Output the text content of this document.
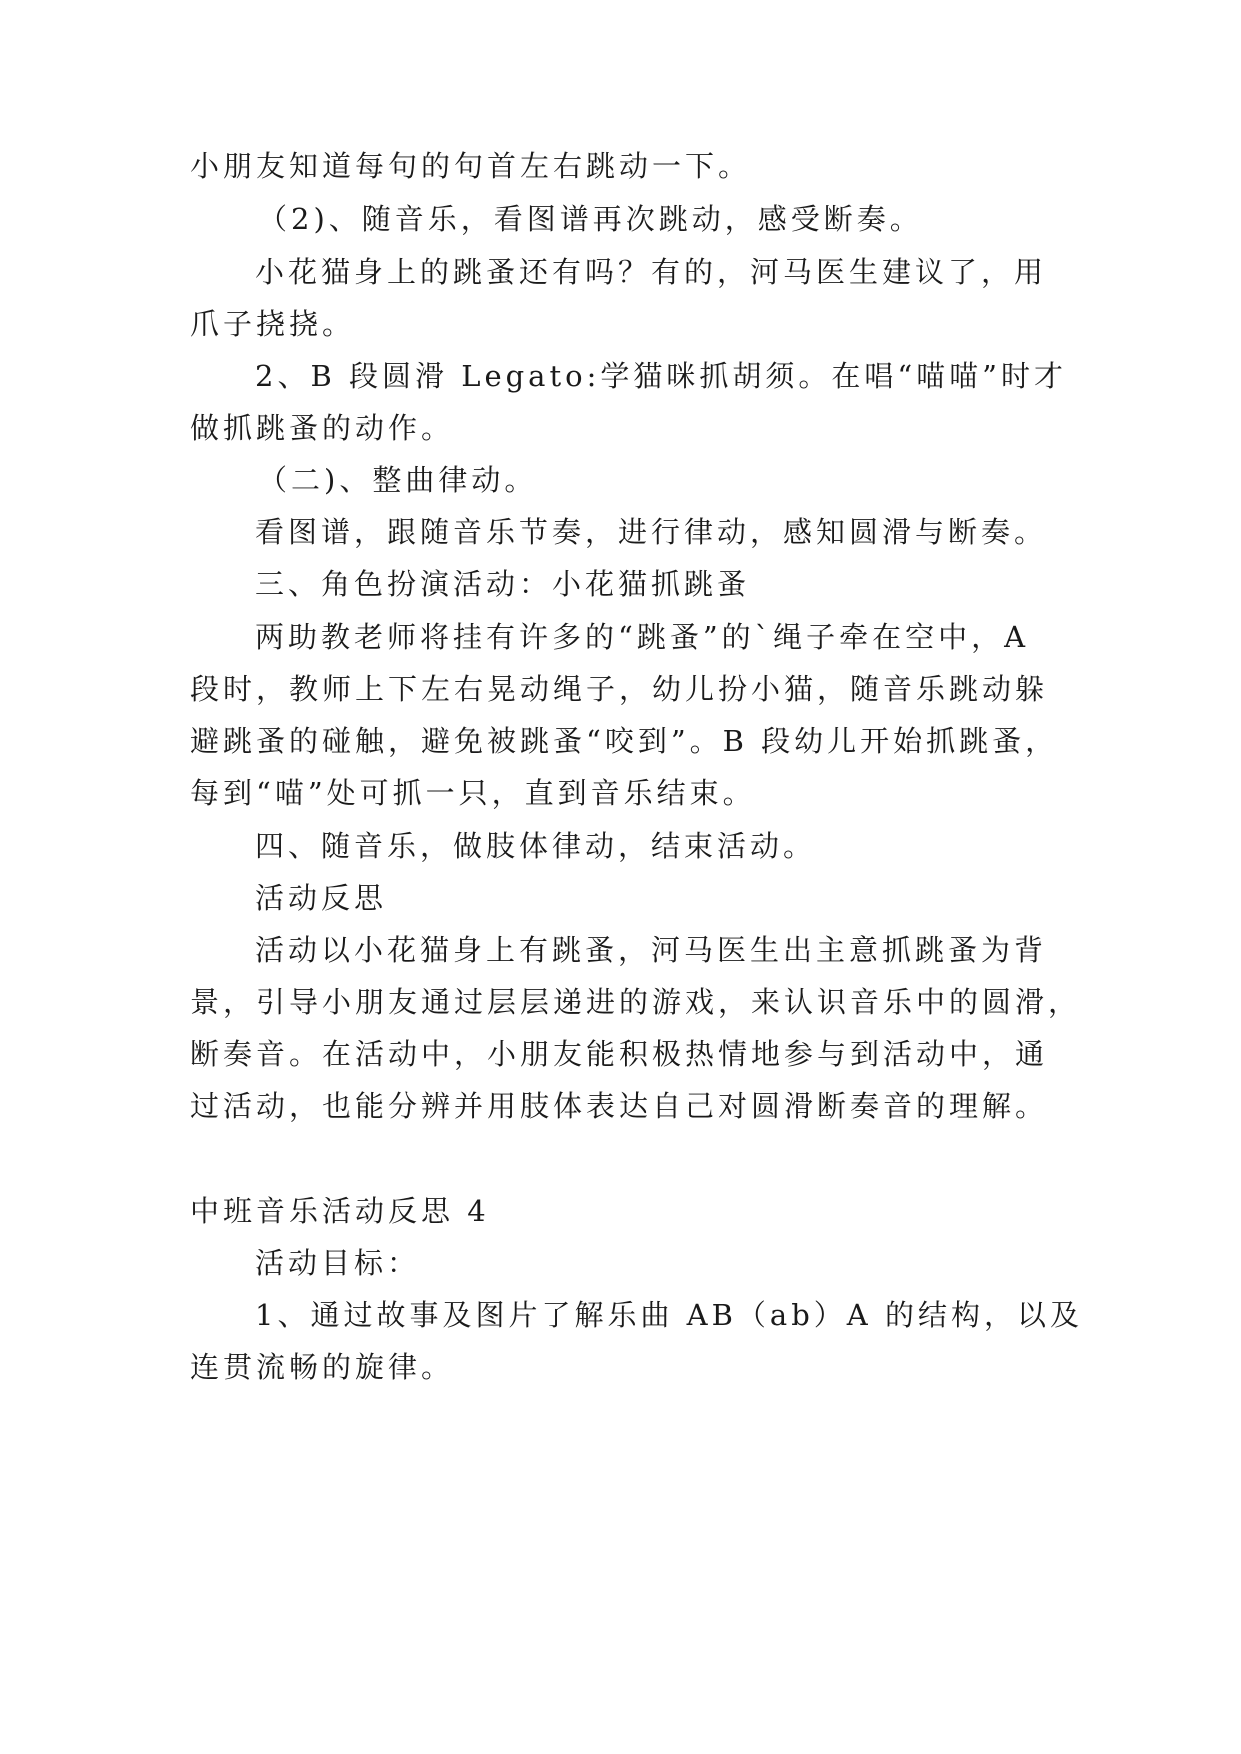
小朋友知道每句的句首左右跳动一下。
（2)、随音乐，看图谱再次跳动，感受断奏。
小花猫身上的跳蚤还有吗？有的，河马医生建议了，用
爪子挠挠。
2、B 段圆滑 Legato:学猫咪抓胡须。在唱“喵喵”时才
做抓跳蚤的动作。
（二)、整曲律动。
看图谱，跟随音乐节奏，进行律动，感知圆滑与断奏。
三、角色扮演活动：小花猫抓跳蚤
两助教老师将挂有许多的“跳蚤”的`绳子牵在空中，A
段时，教师上下左右晃动绳子，幼儿扮小猫，随音乐跳动躲
避跳蚤的碰触，避免被跳蚤“咬到”。B 段幼儿开始抓跳蚤，
每到“喵”处可抓一只，直到音乐结束。
四、随音乐，做肢体律动，结束活动。
活动反思
活动以小花猫身上有跳蚤，河马医生出主意抓跳蚤为背
景，引导小朋友通过层层递进的游戏，来认识音乐中的圆滑，
断奏音。在活动中，小朋友能积极热情地参与到活动中，通
过活动，也能分辨并用肢体表达自己对圆滑断奏音的理解。
中班音乐活动反思 4
活动目标：
1、通过故事及图片了解乐曲 AB（ab）A 的结构，以及
连贯流畅的旋律。
